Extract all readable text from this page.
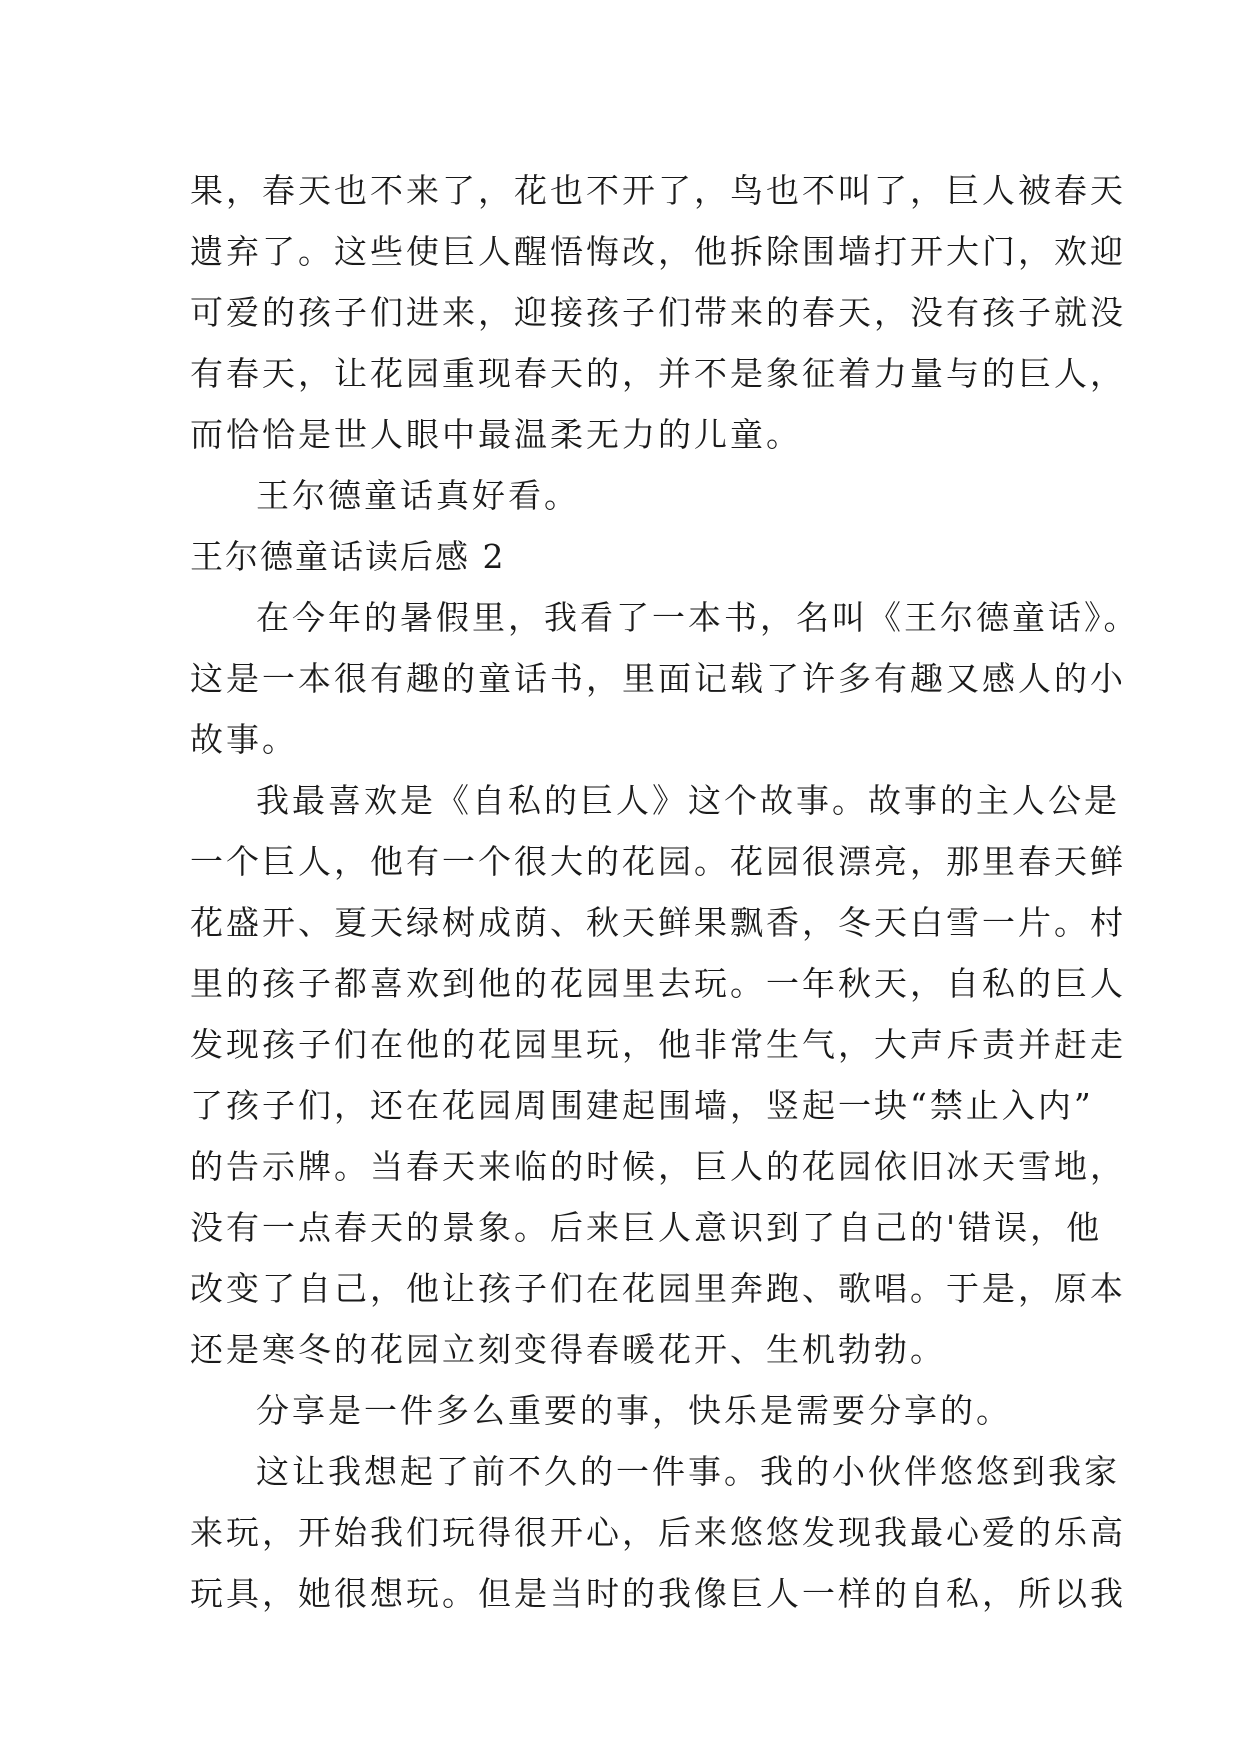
果，春天也不来了，花也不开了，鸟也不叫了，巨人被春天
遗弃了。这些使巨人醒悟悔改，他拆除围墙打开大门，欢迎
可爱的孩子们进来，迎接孩子们带来的春天，没有孩子就没
有春天，让花园重现春天的，并不是象征着力量与的巨人，
而恰恰是世人眼中最温柔无力的儿童。
王尔德童话真好看。
王尔德童话读后感 2
在今年的暑假里，我看了一本书，名叫《王尔德童话》。
这是一本很有趣的童话书，里面记载了许多有趣又感人的小
故事。
我最喜欢是《自私的巨人》这个故事。故事的主人公是
一个巨人，他有一个很大的花园。花园很漂亮，那里春天鲜
花盛开、夏天绿树成荫、秋天鲜果飘香，冬天白雪一片。村
里的孩子都喜欢到他的花园里去玩。一年秋天，自私的巨人
发现孩子们在他的花园里玩，他非常生气，大声斥责并赶走
了孩子们，还在花园周围建起围墙，竖起一块“禁止入内”
的告示牌。当春天来临的时候，巨人的花园依旧冰天雪地，
没有一点春天的景象。后来巨人意识到了自己的'错误，他
改变了自己，他让孩子们在花园里奔跑、歌唱。于是，原本
还是寒冬的花园立刻变得春暖花开、生机勃勃。
分享是一件多么重要的事，快乐是需要分享的。
这让我想起了前不久的一件事。我的小伙伴悠悠到我家
来玩，开始我们玩得很开心，后来悠悠发现我最心爱的乐高
玩具，她很想玩。但是当时的我像巨人一样的自私，所以我
